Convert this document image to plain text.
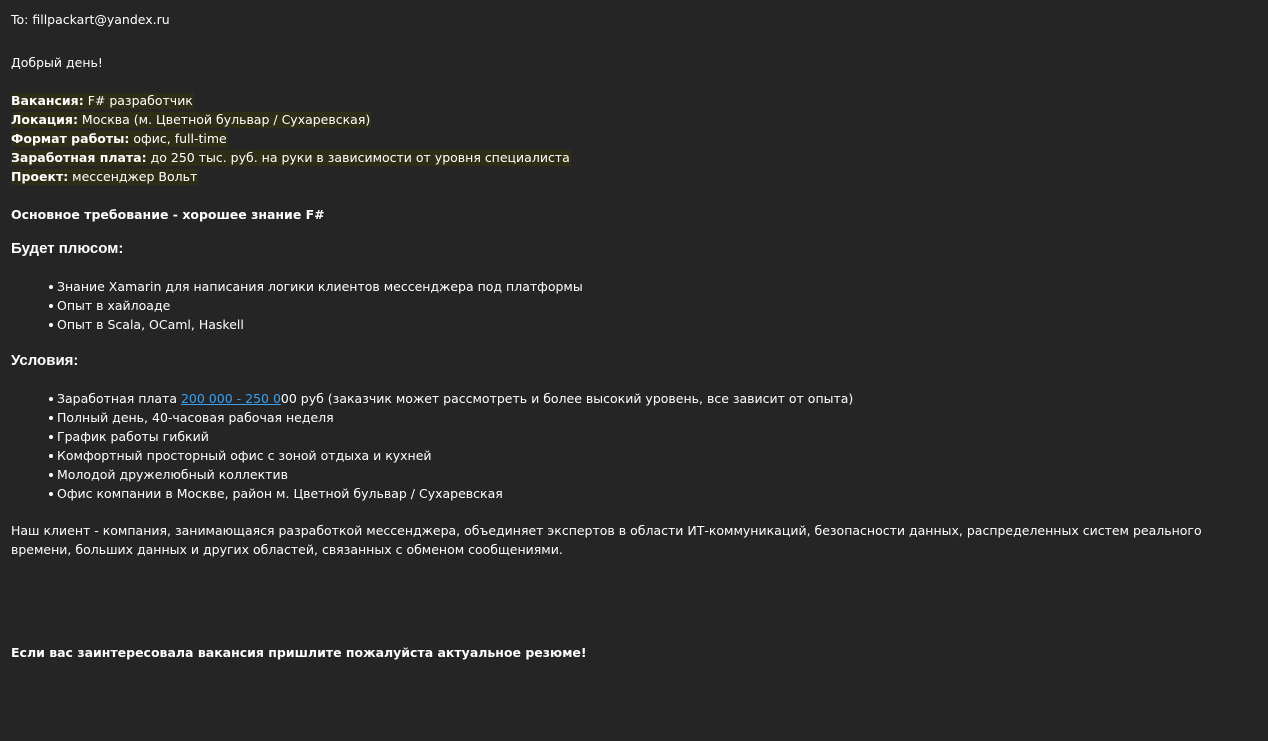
To: fillpackart@yandex.ru
Добрый день!
Вакансия: F# разработчик
Локация: Москва (м. Цветной бульвар / Сухаревская)
Формат работы: офис, full-time
Заработная плата: до 250 тыс. руб. на руки в зависимости от уровня специалиста
Проект: мессенджер Вольт
Основное требование - хорошее знание F#
Будет плюсом:
Знание Xamarin для написания логики клиентов мессенджера под платформы
Опыт в хайлоаде
Опыт в Scala, OCaml, Haskell
Условия:
Заработная плата 200 000 - 250 000 руб (заказчик может рассмотреть и более высокий уровень, все зависит от опыта)
Полный день, 40-часовая рабочая неделя
График работы гибкий
Комфортный просторный офис с зоной отдыха и кухней
Молодой дружелюбный коллектив
Офис компании в Москве, район м. Цветной бульвар / Сухаревская
Наш клиент - компания, занимающаяся разработкой мессенджера, объединяет экспертов в области ИТ-коммуникаций, безопасности данных, распределенных систем реального времени, больших данных и других областей, связанных с обменом сообщениями.
Если вас заинтересовала вакансия пришлите пожалуйста актуальное резюме!
